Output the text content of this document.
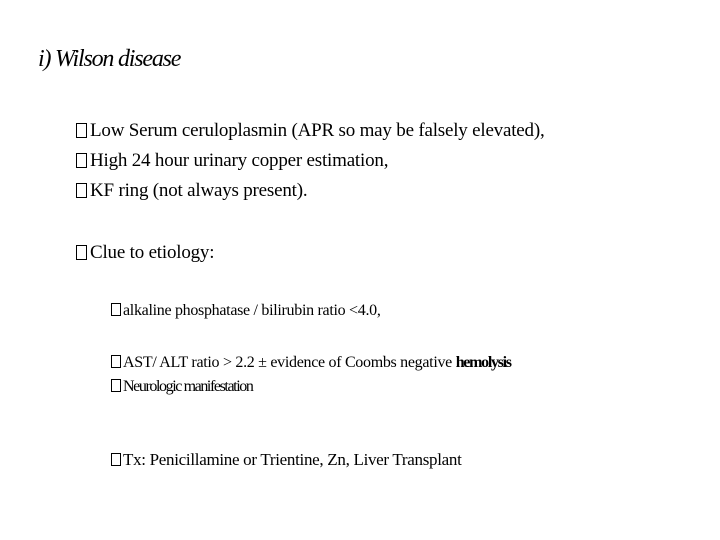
i) Wilson disease
Low Serum ceruloplasmin (APR so may be falsely elevated),
High 24 hour urinary copper estimation,
KF ring (not always present).
Clue to etiology:
alkaline phosphatase / bilirubin ratio <4.0,
AST/ ALT ratio > 2.2 ± evidence of Coombs negative hemolysis
Neurologic manifestation
Tx: Penicillamine or Trientine, Zn, Liver Transplant
